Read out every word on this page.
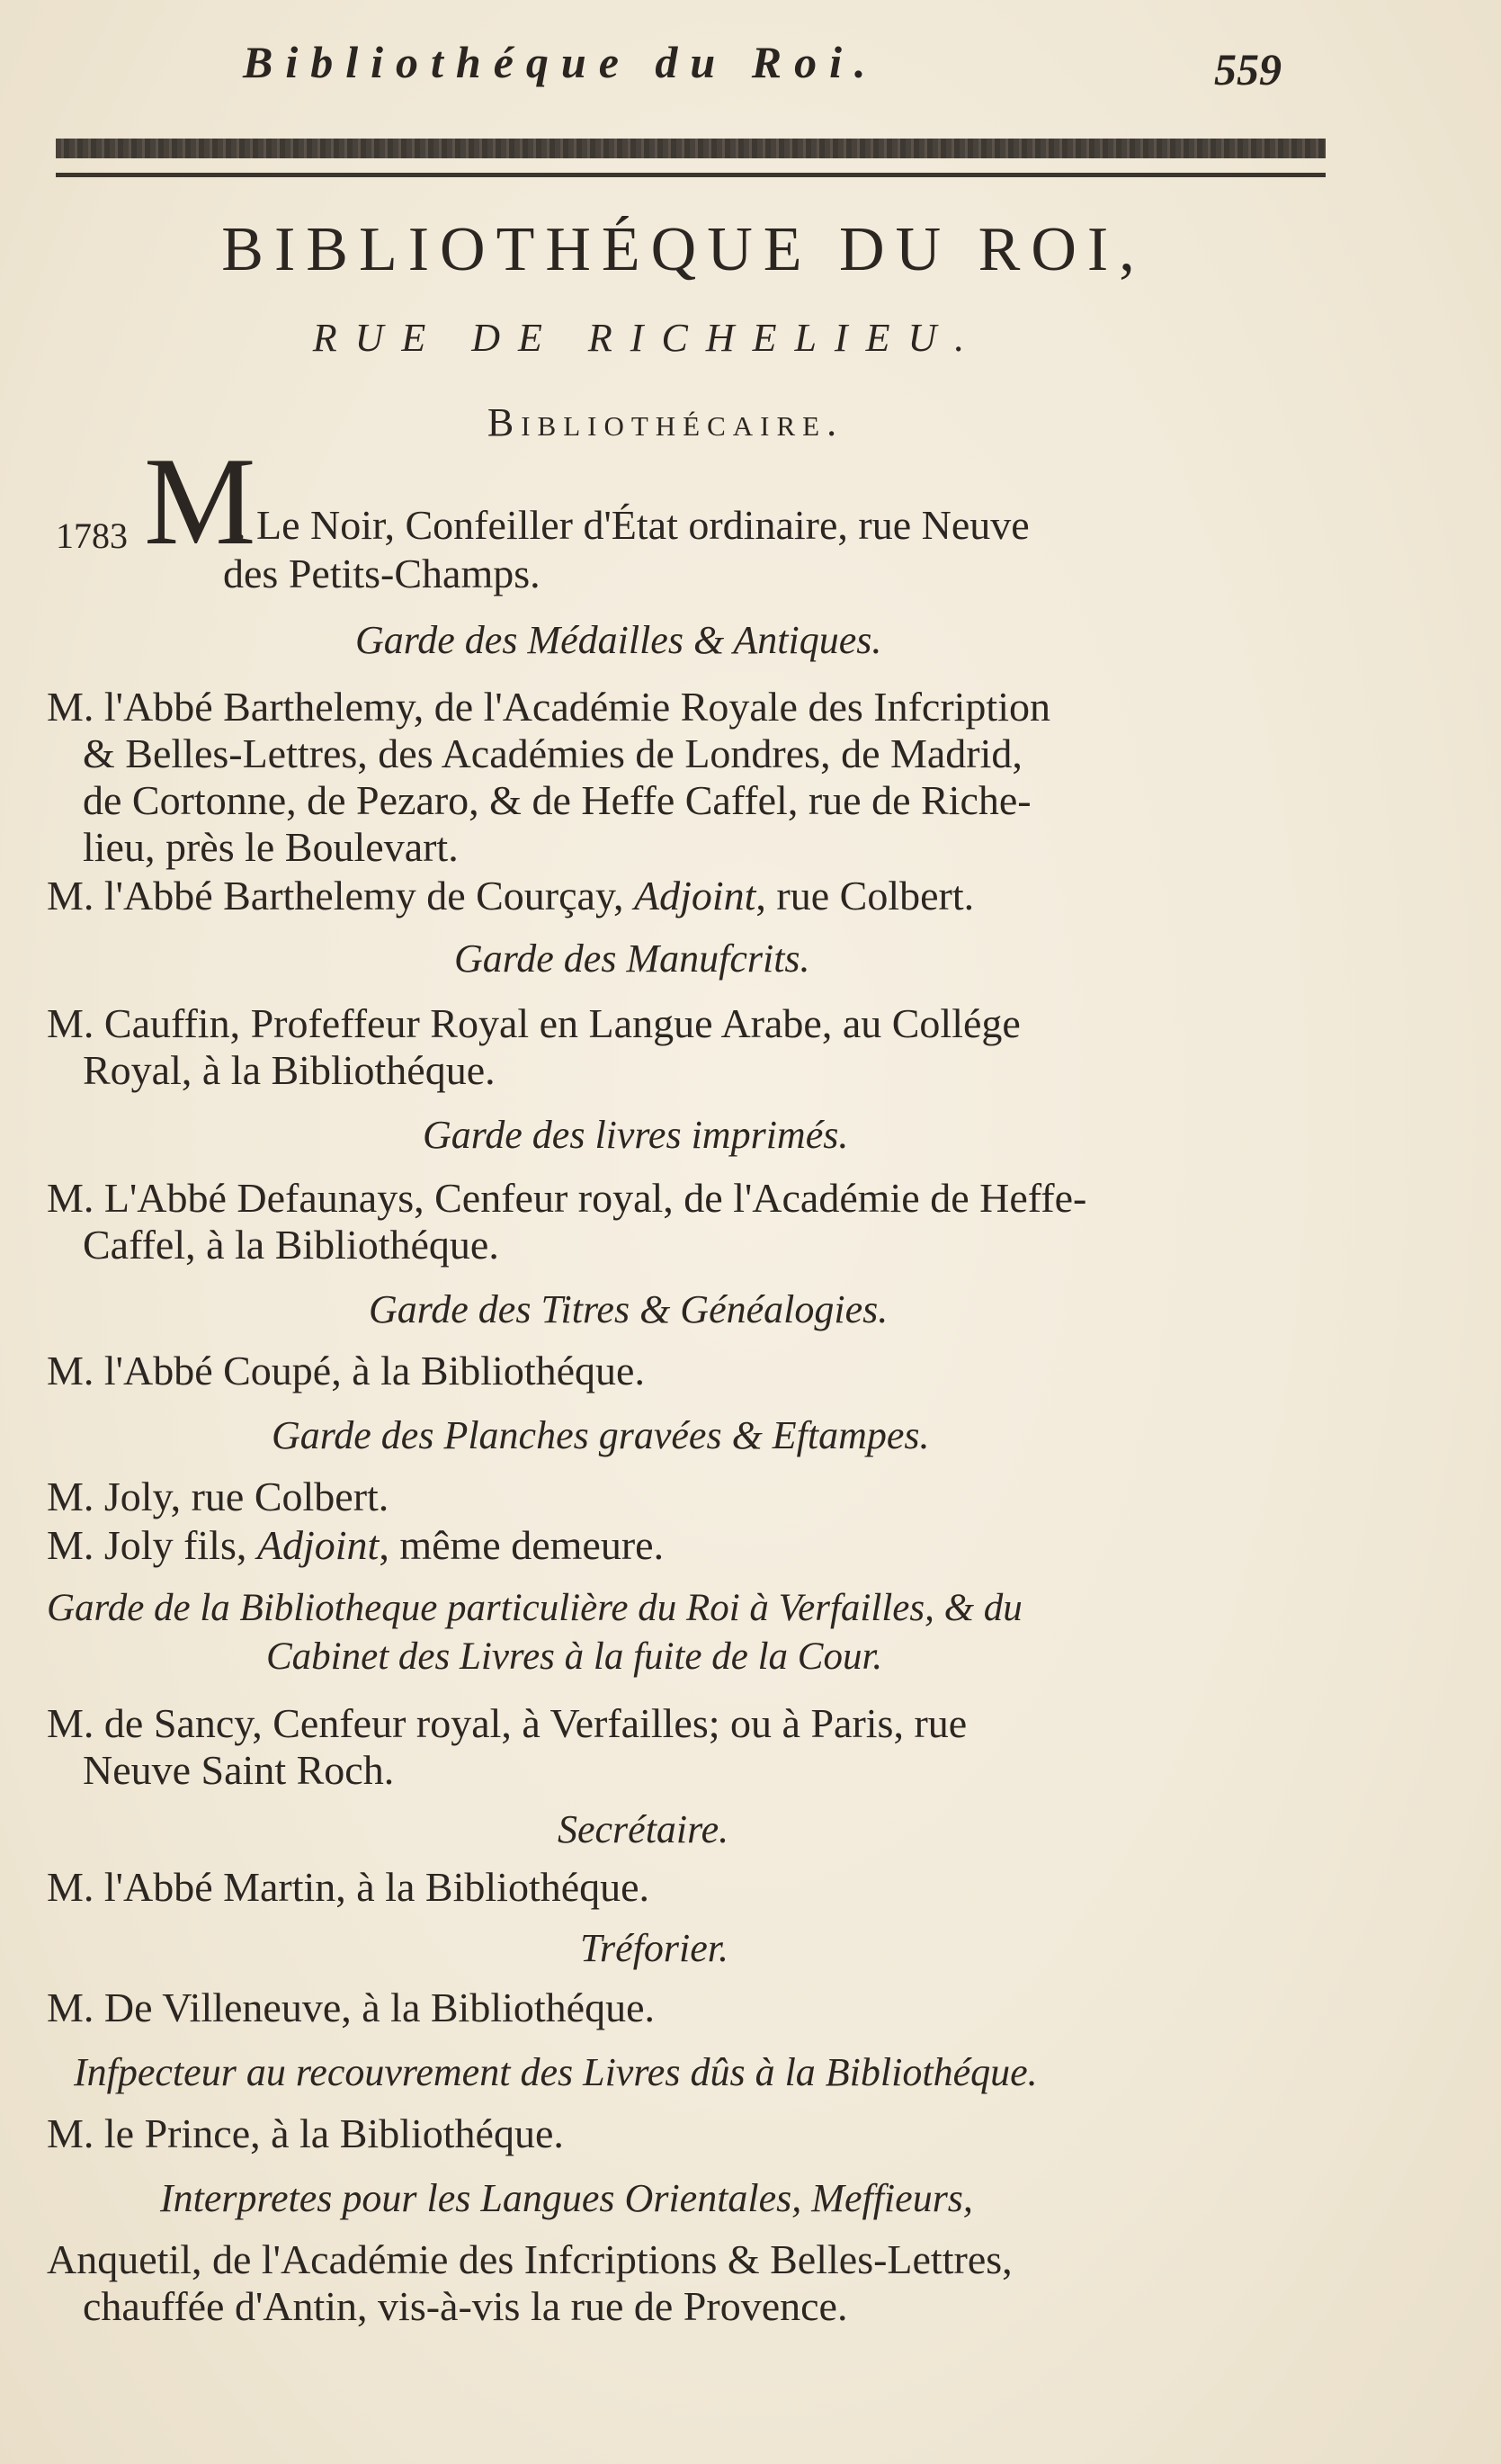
Bibliothéque du Roi.	559
BIBLIOTHÉQUE DU ROI,
RUE DE RICHELIEU.
Bibliothécaire.
1783 M
. Le Noir, Confeiller d'État ordinaire, rue Neuve
des Petits-Champs.
Garde des Médailles & Antiques.
M. l'Abbé Barthelemy, de l'Académie Royale des Infcription
& Belles-Lettres, des Académies de Londres, de Madrid,
de Cortonne, de Pezaro, & de Heffe Caffel, rue de Riche-
lieu, près le Boulevart.
M. l'Abbé Barthelemy de Courçay, Adjoint, rue Colbert.
Garde des Manufcrits.
M. Cauffin, Profeffeur Royal en Langue Arabe, au Collége
Royal, à la Bibliothéque.
Garde des livres imprimés.
M. L'Abbé Defaunays, Cenfeur royal, de l'Académie de Heffe-
Caffel, à la Bibliothéque.
Garde des Titres & Généalogies.
M. l'Abbé Coupé, à la Bibliothéque.
Garde des Planches gravées & Eftampes.
M. Joly, rue Colbert.
M. Joly fils, Adjoint, même demeure.
Garde de la Bibliotheque particulière du Roi à Verfailles, & du
Cabinet des Livres à la fuite de la Cour.
M. de Sancy, Cenfeur royal, à Verfailles; ou à Paris, rue
Neuve Saint Roch.
Secrétaire.
M. l'Abbé Martin, à la Bibliothéque.
Tréforier.
M. De Villeneuve, à la Bibliothéque.
Infpecteur au recouvrement des Livres dûs à la Bibliothéque.
M. le Prince, à la Bibliothéque.
Interpretes pour les Langues Orientales, Meffieurs,
Anquetil, de l'Académie des Infcriptions & Belles-Lettres,
chauffée d'Antin, vis-à-vis la rue de Provence.
